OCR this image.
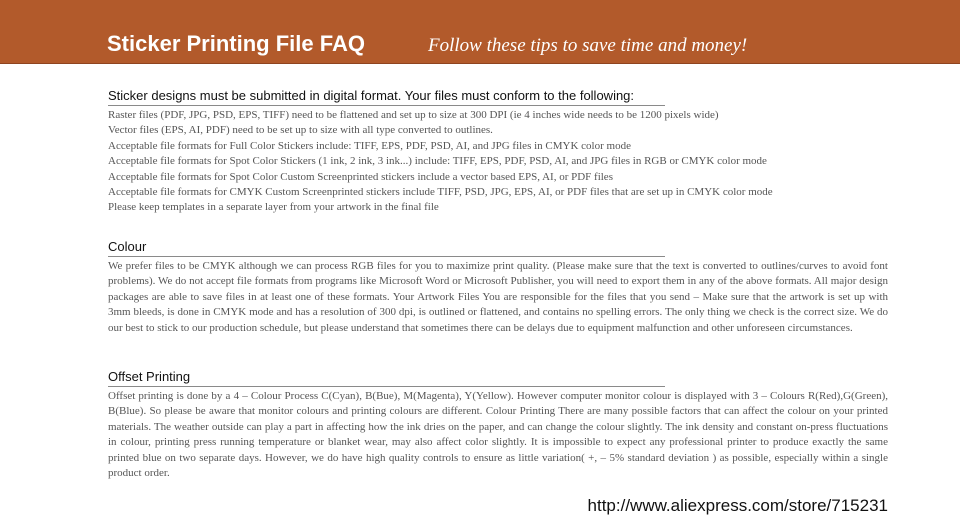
Sticker Printing File FAQ	Follow these tips to save time and money!
Sticker designs must be submitted in digital format. Your files must conform to the following:
Raster files (PDF, JPG, PSD, EPS, TIFF) need to be flattened and set up to size at 300 DPI (ie 4 inches wide needs to be 1200 pixels wide)
Vector files (EPS, AI, PDF) need to be set up to size with all type converted to outlines.
Acceptable file formats for Full Color Stickers include: TIFF, EPS, PDF, PSD, AI, and JPG files in CMYK color mode
Acceptable file formats for Spot Color Stickers (1 ink, 2 ink, 3 ink...) include: TIFF, EPS, PDF, PSD, AI, and JPG files in RGB or CMYK color mode
Acceptable file formats for Spot Color Custom Screenprinted stickers include a vector based EPS, AI, or PDF files
Acceptable file formats for CMYK Custom Screenprinted stickers include TIFF, PSD, JPG, EPS, AI, or PDF files that are set up in CMYK color mode
Please keep templates in a separate layer from your artwork in the final file
Colour

We prefer files to be CMYK although we can process RGB files for you to maximize print quality. (Please make sure that the text is converted to outlines/curves to avoid font problems). We do not accept file formats from programs like Microsoft Word or Microsoft Publisher, you will need to export them in any of the above formats. All major design packages are able to save files in at least one of these formats. Your Artwork Files You are responsible for the files that you send – Make sure that the artwork is set up with 3mm bleeds, is done in CMYK mode and has a resolution of 300 dpi, is outlined or flattened, and contains no spelling errors. The only thing we check is the correct size. We do our best to stick to our production schedule, but please understand that sometimes there can be delays due to equipment malfunction and other unforeseen circumstances.

Offset Printing

Offset printing is done by a 4 – Colour Process C(Cyan), B(Bue), M(Magenta), Y(Yellow). However computer monitor colour is displayed with 3 – Colours R(Red),G(Green), B(Blue). So please be aware that monitor colours and printing colours are different. Colour Printing There are many possible factors that can affect the colour on your printed materials. The weather outside can play a part in affecting how the ink dries on the paper, and can change the colour slightly. The ink density and constant on-press fluctuations in colour, printing press running temperature or blanket wear, may also affect color slightly. It is impossible to expect any professional printer to produce exactly the same printed blue on two separate days. However, we do have high quality controls to ensure as little variation( +, – 5% standard deviation ) as possible, especially within a single product order.

http://www.aliexpress.com/store/715231
